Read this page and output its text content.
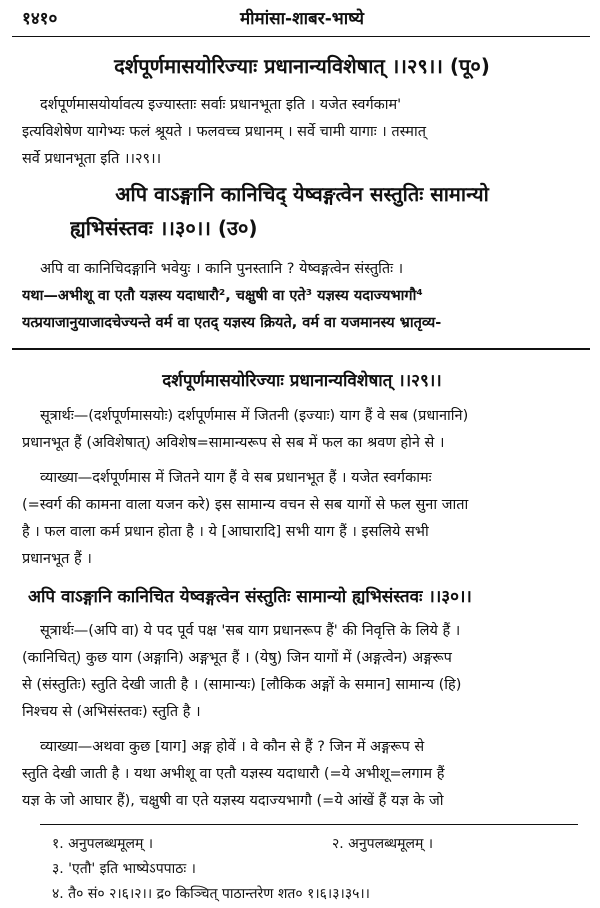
१४१०	मीमांसा-शाबर-भाष्ये
दर्शपूर्णमासयोरिज्याः प्रधानान्यविशेषात् ।।२९।। (पू०)
दर्शपूर्णमासयोर्यावत्य इज्यास्ताः सर्वाः प्रधानभूता इति । यजेत स्वर्गकाम'
इत्यविशेषेण यागेभ्यः फलं श्रूयते । फलवच्च प्रधानम् । सर्वे चामी यागाः । तस्मात्
सर्वे प्रधानभूता इति ।।२९।।
अपि वाऽङ्गानि कानिचिद् येष्वङ्गत्वेन सस्तुतिः सामान्यो
ह्यभिसंस्तवः ।।३०।। (उ०)
अपि वा कानिचिदङ्गानि भवेयुः । कानि पुनस्तानि ? येष्वङ्गत्वेन संस्तुतिः ।
यथा—अभीशू वा एतौ यज्ञस्य यदाधारौ², चक्षुषी वा एते³ यज्ञस्य यदाज्यभागौ⁴
यत्प्रयाजानुयाजादचेज्यन्ते वर्म वा एतद् यज्ञस्य क्रियते, वर्म वा यजमानस्य भ्रातृव्य-
दर्शपूर्णमासयोरिज्याः प्रधानान्यविशेषात् ।।२९।।
सूत्रार्थः—(दर्शपूर्णमासयोः) दर्शपूर्णमास में जितनी (इज्याः) याग हैं वे सब (प्रधानानि)
प्रधानभूत हैं (अविशेषात्) अविशेष=सामान्यरूप से सब में फल का श्रवण होने से ।
व्याख्या—दर्शपूर्णमास में जितने याग हैं वे सब प्रधानभूत हैं । यजेत स्वर्गकामः
(=स्वर्ग की कामना वाला यजन करे) इस सामान्य वचन से सब यागों से फल सुना जाता
है । फल वाला कर्म प्रधान होता है । ये [आघारादि] सभी याग हैं । इसलिये सभी
प्रधानभूत हैं ।
अपि वाऽङ्गानि कानिचित येष्वङ्गत्वेन संस्तुतिः सामान्यो ह्यभिसंस्तवः ।।३०।।
सूत्रार्थः—(अपि वा) ये पद पूर्व पक्ष 'सब याग प्रधानरूप हैं' की निवृत्ति के लिये हैं ।
(कानिचित्) कुछ याग (अङ्गानि) अङ्गभूत हैं । (येषु) जिन यागों में (अङ्गत्वेन) अङ्गरूप
से (संस्तुतिः) स्तुति देखी जाती है । (सामान्यः) [लौकिक अङ्गों के समान] सामान्य (हि)
निश्चय से (अभिसंस्तवः) स्तुति है ।
व्याख्या—अथवा कुछ [याग] अङ्ग होवें । वे कौन से हैं ? जिन में अङ्गरूप से
स्तुति देखी जाती है । यथा अभीशू वा एतौ यज्ञस्य यदाधारौ (=ये अभीशू=लगाम हैं
यज्ञ के जो आघार हैं), चक्षुषी वा एते यज्ञस्य यदाज्यभागौ (=ये आंखें हैं यज्ञ के जो
१. अनुपलब्धमूलम् ।	२. अनुपलब्धमूलम् ।
३. 'एतौ' इति भाष्येऽपपाठः ।
४. तै० सं० २।६।२।। द्र० किञ्चित् पाठान्तरेण शत० १।६।३।३५।।
